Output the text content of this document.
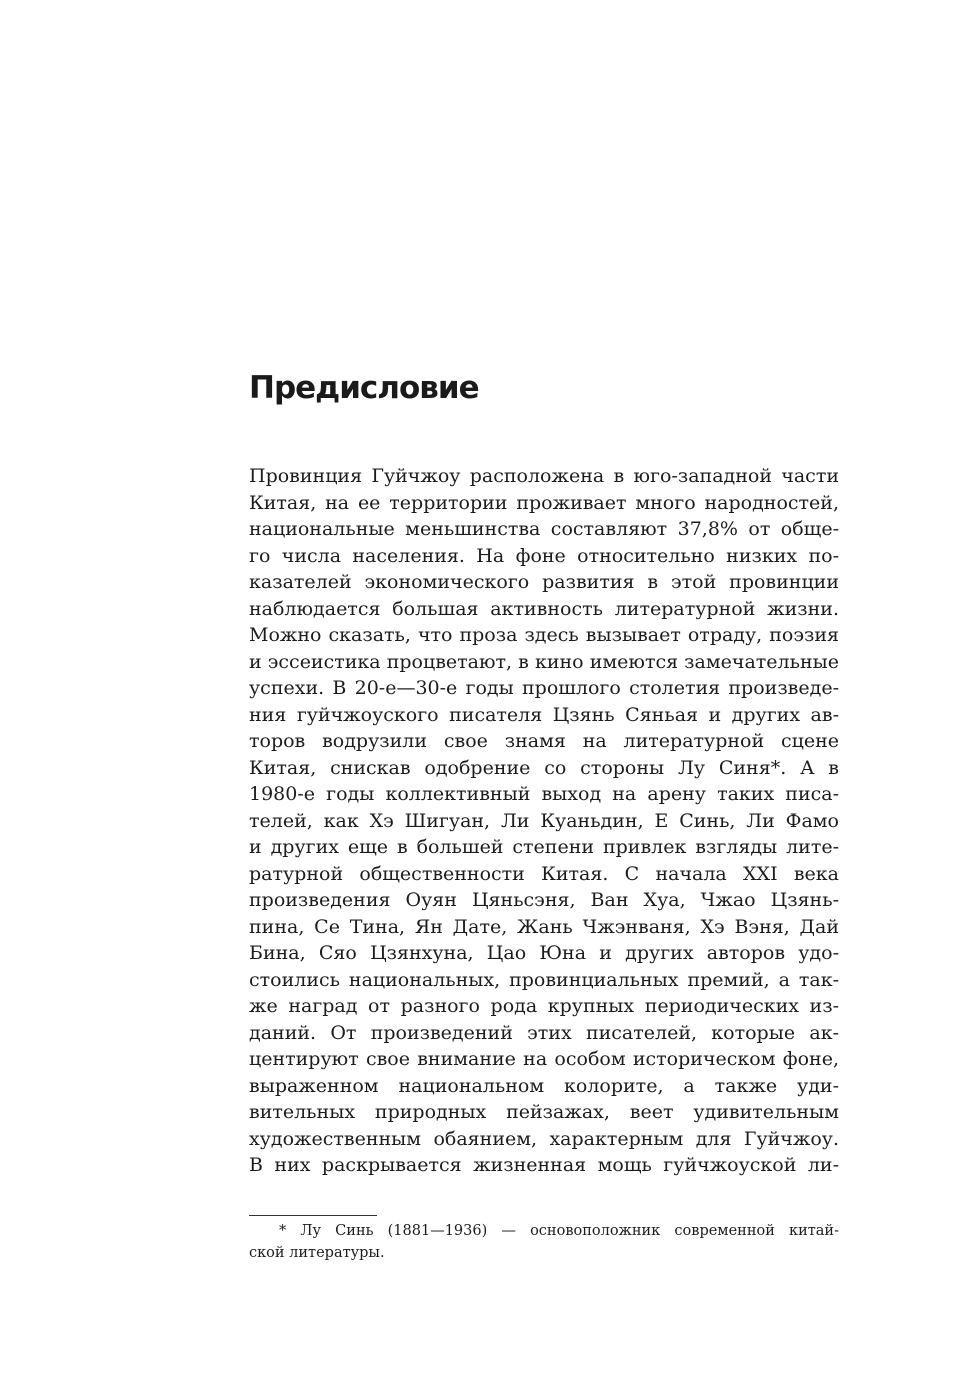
Предисловие
Провинция Гуйчжоу расположена в юго-западной части
Китая, на ее территории проживает много народностей,
национальные меньшинства составляют 37,8% от обще-
го числа населения. На фоне относительно низких по-
казателей экономического развития в этой провинции
наблюдается большая активность литературной жизни.
Можно сказать, что проза здесь вызывает отраду, поэзия
и эссеистика процветают, в кино имеются замечательные
успехи. В 20-е—30-е годы прошлого столетия произведе-
ния гуйчжоуского писателя Цзянь Сяньая и других ав-
торов водрузили свое знамя на литературной сцене
Китая, снискав одобрение со стороны Лу Синя*. А в
1980-е годы коллективный выход на арену таких писа-
телей, как Хэ Шигуан, Ли Куаньдин, Е Синь, Ли Фамо
и других еще в большей степени привлек взгляды лите-
ратурной общественности Китая. С начала XXI века
произведения Оуян Цяньсэня, Ван Хуа, Чжао Цзянь-
пина, Се Тина, Ян Дате, Жань Чжэнваня, Хэ Вэня, Дай
Бина, Сяо Цзянхуна, Цао Юна и других авторов удо-
стоились национальных, провинциальных премий, а так-
же наград от разного рода крупных периодических из-
даний. От произведений этих писателей, которые ак-
центируют свое внимание на особом историческом фоне,
выраженном национальном колорите, а также уди-
вительных природных пейзажах, веет удивительным
художественным обаянием, характерным для Гуйчжоу.
В них раскрывается жизненная мощь гуйчжоуской ли-
* Лу Синь (1881—1936) — основоположник современной китай-
ской литературы.
